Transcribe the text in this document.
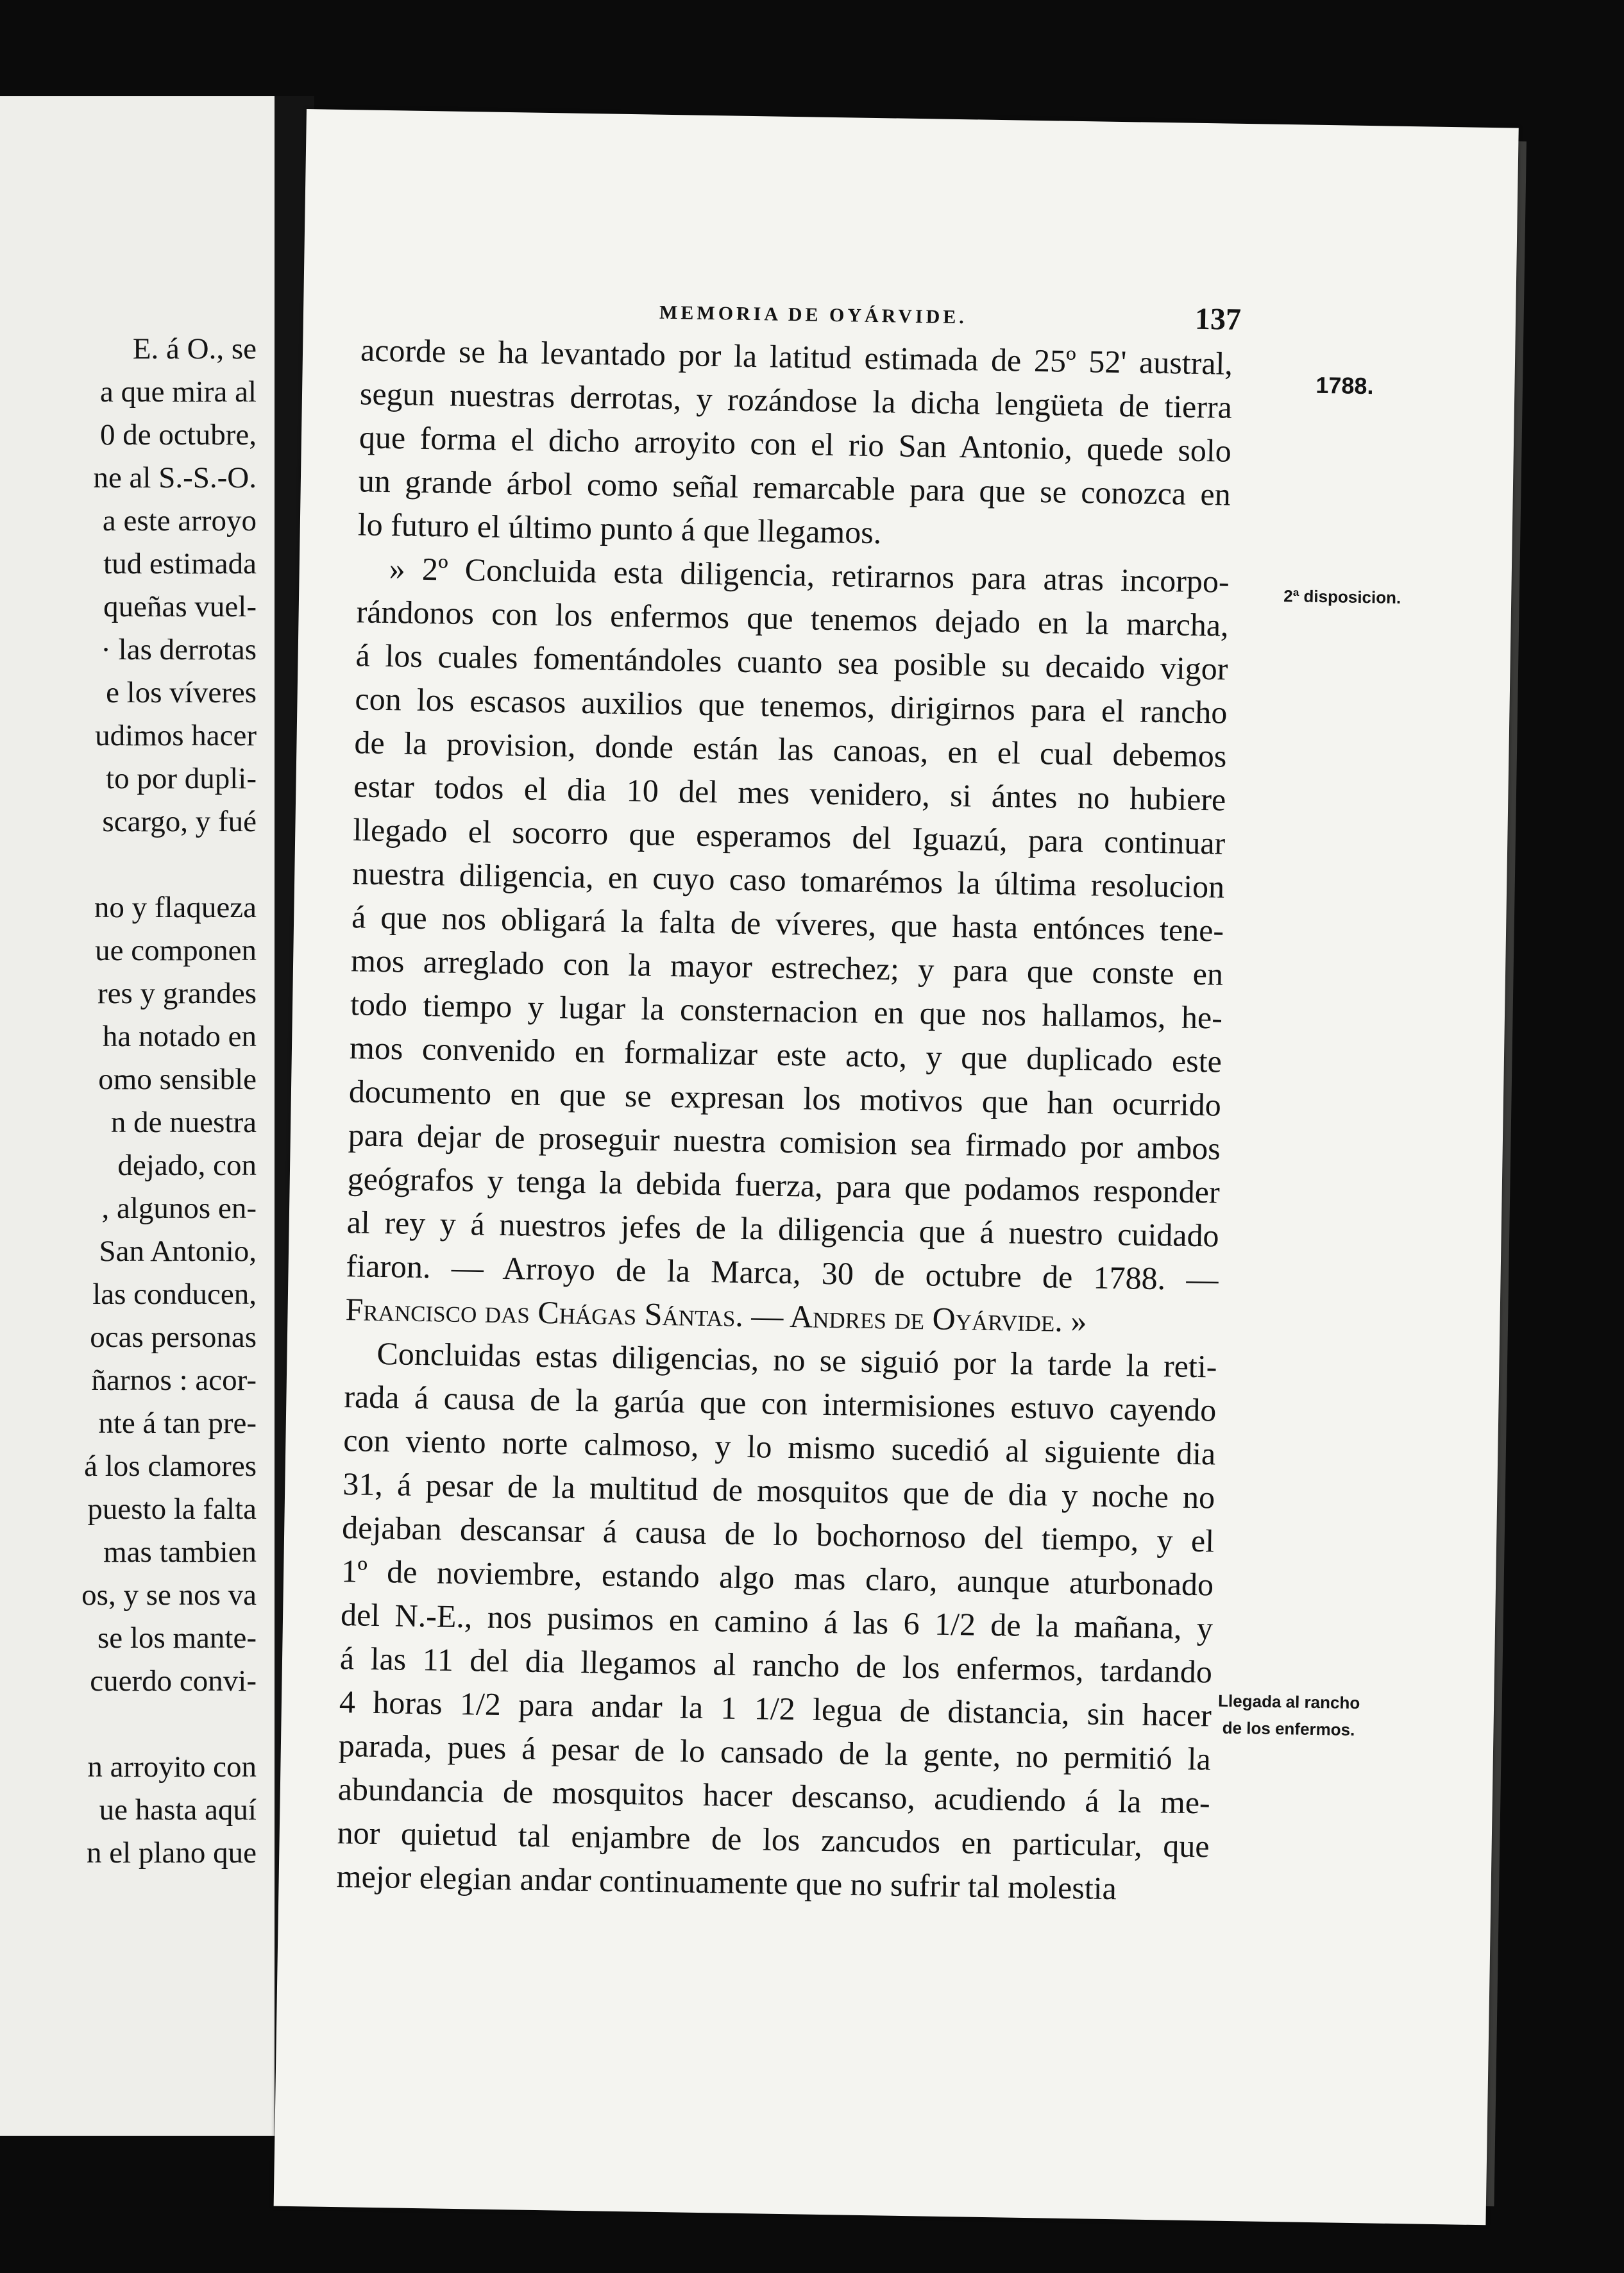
E. á O., se
a que mira al
0 de octubre,
ne al S.-S.-O.
a este arroyo
tud estimada
queñas vuel-
· las derrotas
e los víveres
udimos hacer
to por dupli-
scargo, y fué
no y flaqueza
ue componen
res y grandes
ha notado en
omo sensible
n de nuestra
dejado, con
, algunos en-
San Antonio,
las conducen,
ocas personas
ñarnos : acor-
nte á tan pre-
á los clamores
puesto la falta
mas tambien
os, y se nos va
se los mante-
cuerdo convi-
n arroyito con
ue hasta aquí
n el plano que
MEMORIA DE OYÁRVIDE.	137
1788.
2ª disposicion.
Llegada al rancho
de los enfermos.
acorde se ha levantado por la latitud estimada de 25º 52' austral,
segun nuestras derrotas, y rozándose la dicha lengüeta de tierra
que forma el dicho arroyito con el rio San Antonio, quede solo
un grande árbol como señal remarcable para que se conozca en
lo futuro el último punto á que llegamos.
» 2º Concluida esta diligencia, retirarnos para atras incorpo-
rándonos con los enfermos que tenemos dejado en la marcha,
á los cuales fomentándoles cuanto sea posible su decaido vigor
con los escasos auxilios que tenemos, dirigirnos para el rancho
de la provision, donde están las canoas, en el cual debemos
estar todos el dia 10 del mes venidero, si ántes no hubiere
llegado el socorro que esperamos del Iguazú, para continuar
nuestra diligencia, en cuyo caso tomarémos la última resolucion
á que nos obligará la falta de víveres, que hasta entónces tene-
mos arreglado con la mayor estrechez; y para que conste en
todo tiempo y lugar la consternacion en que nos hallamos, he-
mos convenido en formalizar este acto, y que duplicado este
documento en que se expresan los motivos que han ocurrido
para dejar de proseguir nuestra comision sea firmado por ambos
geógrafos y tenga la debida fuerza, para que podamos responder
al rey y á nuestros jefes de la diligencia que á nuestro cuidado
fiaron. — Arroyo de la Marca, 30 de octubre de 1788. —
Francisco das Chágas Sántas. — Andres de Oyárvide. »
Concluidas estas diligencias, no se siguió por la tarde la reti-
rada á causa de la garúa que con intermisiones estuvo cayendo
con viento norte calmoso, y lo mismo sucedió al siguiente dia
31, á pesar de la multitud de mosquitos que de dia y noche no
dejaban descansar á causa de lo bochornoso del tiempo, y el
1º de noviembre, estando algo mas claro, aunque aturbonado
del N.-E., nos pusimos en camino á las 6 1/2 de la mañana, y
á las 11 del dia llegamos al rancho de los enfermos, tardando
4 horas 1/2 para andar la 1 1/2 legua de distancia, sin hacer
parada, pues á pesar de lo cansado de la gente, no permitió la
abundancia de mosquitos hacer descanso, acudiendo á la me-
nor quietud tal enjambre de los zancudos en particular, que
mejor elegian andar continuamente que no sufrir tal molestia
